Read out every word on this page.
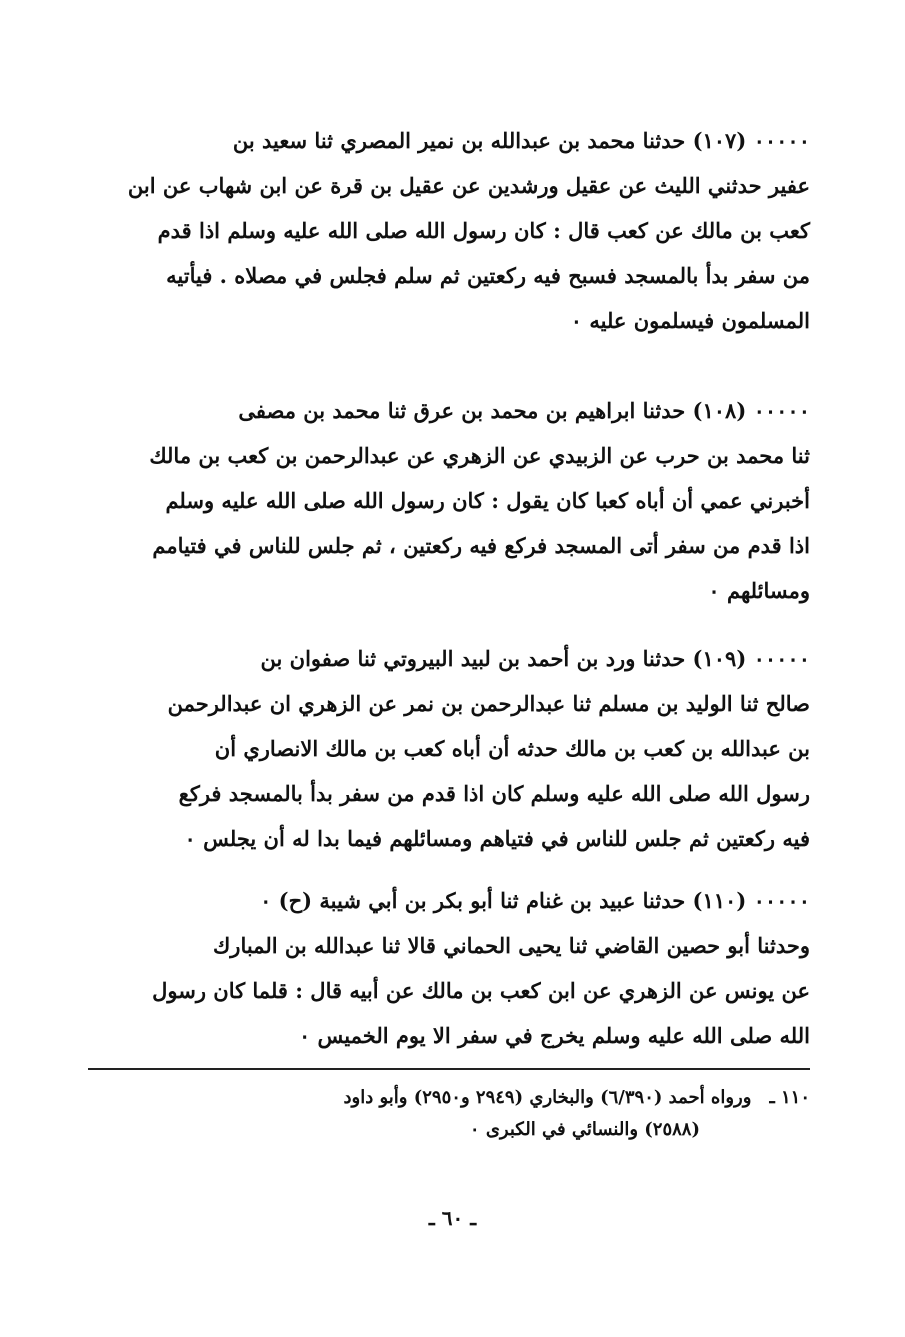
٠٠٠٠٠ (١٠٧) حدثنا محمد بن عبدالله بن نمير المصري ثنا سعيد بن

عفير حدثني الليث عن عقيل ورشدين عن عقيل بن قرة عن ابن شهاب عن ابن

كعب بن مالك عن كعب قال : كان رسول الله صلى الله عليه وسلم اذا قدم

من سفر بدأ بالمسجد فسبح فيه ركعتين ثم سلم فجلس في مصلاه . فيأتيه

المسلمون فيسلمون عليه ٠

٠٠٠٠٠ (١٠٨) حدثنا ابراهيم بن محمد بن عرق ثنا محمد بن مصفى

ثنا محمد بن حرب عن الزبيدي عن الزهري عن عبدالرحمن بن كعب بن مالك

أخبرني عمي أن أباه كعبا كان يقول : كان رسول الله صلى الله عليه وسلم

اذا قدم من سفر أتى المسجد فركع فيه ركعتين ، ثم جلس للناس في فتيامم

ومسائلهم ٠

٠٠٠٠٠ (١٠٩) حدثنا ورد بن أحمد بن لبيد البيروتي ثنا صفوان بن

صالح ثنا الوليد بن مسلم ثنا عبدالرحمن بن نمر عن الزهري ان عبدالرحمن

بن عبدالله بن كعب بن مالك حدثه أن أباه كعب بن مالك الانصاري أن

رسول الله صلى الله عليه وسلم كان اذا قدم من سفر بدأ بالمسجد فركع

فيه ركعتين ثم جلس للناس في فتياهم ومسائلهم فيما بدا له أن يجلس ٠

٠٠٠٠٠ (١١٠) حدثنا عبيد بن غنام ثنا أبو بكر بن أبي شيبة (ح) ٠

وحدثنا أبو حصين القاضي ثنا يحيى الحماني قالا ثنا عبدالله بن المبارك

عن يونس عن الزهري عن ابن كعب بن مالك عن أبيه قال : قلما كان رسول

الله صلى الله عليه وسلم يخرج في سفر الا يوم الخميس ٠

١١٠ ـورواه أحمد (٦/٣٩٠) والبخاري (٢٩٤٩ و٢٩٥٠) وأبو داود
(٢٥٨٨) والنسائي في الكبرى ٠
ـ ٦٠ ـ
